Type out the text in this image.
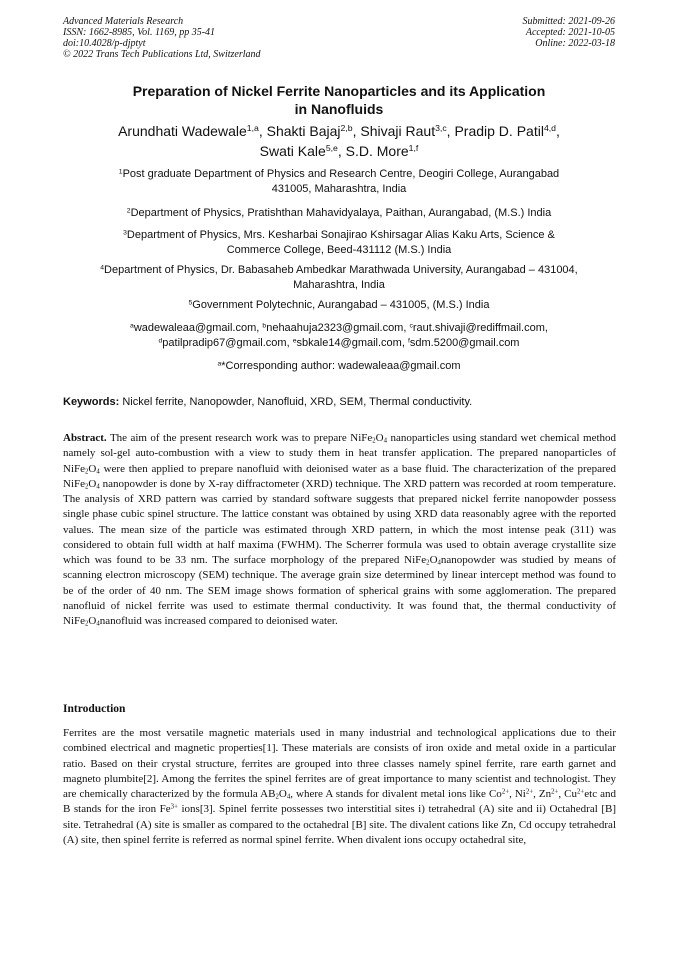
Advanced Materials Research
ISSN: 1662-8985, Vol. 1169, pp 35-41
doi:10.4028/p-djptyt
© 2022 Trans Tech Publications Ltd, Switzerland
Submitted: 2021-09-26
Accepted: 2021-10-05
Online: 2022-03-18
Preparation of Nickel Ferrite Nanoparticles and its Application
in Nanofluids
Arundhati Wadewale$^{1,a}$, Shakti Bajaj$^{2,b}$, Shivaji Raut$^{3,c}$, Pradip D. Patil$^{4,d}$,
Swati Kale$^{5,e}$, S.D. More$^{1,f}$
$^1$Post graduate Department of Physics and Research Centre, Deogiri College, Aurangabad
431005, Maharashtra, India
$^2$Department of Physics, Pratishthan Mahavidyalaya, Paithan, Aurangabad, (M.S.) India
$^3$Department of Physics, Mrs. Kesharbai Sonajirao Kshirsagar Alias Kaku Arts, Science &
Commerce College, Beed-431112 (M.S.) India
$^4$Department of Physics, Dr. Babasaheb Ambedkar Marathwada University, Aurangabad – 431004,
Maharashtra, India
$^5$Government Polytechnic, Aurangabad – 431005, (M.S.) India
$^a$wadewaleaa@gmail.com, $^b$nehaahuja2323@gmail.com, $^c$raut.shivaji@rediffmail.com,
$^d$patilpradip67@gmail.com, $^e$sbkale14@gmail.com, $^f$sdm.5200@gmail.com
$^a$*Corresponding author: wadewaleaa@gmail.com
Keywords: Nickel ferrite, Nanopowder, Nanofluid, XRD, SEM, Thermal conductivity.
Abstract. The aim of the present research work was to prepare $NiFe_2O_4$ nanoparticles using standard wet chemical method namely sol-gel auto-combustion with a view to study them in heat transfer application. The prepared nanoparticles of $NiFe_2O_4$ were then applied to prepare nanofluid with deionised water as a base fluid. The characterization of the prepared $NiFe_2O_4$ nanopowder is done by X-ray diffractometer (XRD) technique. The XRD pattern was recorded at room temperature. The analysis of XRD pattern was carried by standard software suggests that prepared nickel ferrite nanopowder possess single phase cubic spinel structure. The lattice constant was obtained by using XRD data reasonably agree with the reported values. The mean size of the particle was estimated through XRD pattern, in which the most intense peak (311) was considered to obtain full width at half maxima (FWHM). The Scherrer formula was used to obtain average crystallite size which was found to be 33 nm. The surface morphology of the prepared $NiFe_2O_4nanopowder$ was studied by means of scanning electron microscopy (SEM) technique. The average grain size determined by linear intercept method was found to be of the order of 40 nm. The SEM image shows formation of spherical grains with some agglomeration. The prepared nanofluid of nickel ferrite was used to estimate thermal conductivity. It was found that, the thermal conductivity of $NiFe_2O_4nanofluid$ was increased compared to deionised water.
Introduction
Ferrites are the most versatile magnetic materials used in many industrial and technological applications due to their combined electrical and magnetic properties[1]. These materials are consists of iron oxide and metal oxide in a particular ratio. Based on their crystal structure, ferrites are grouped into three classes namely spinel ferrite, rare earth garnet and magneto plumbite[2]. Among the ferrites the spinel ferrites are of great importance to many scientist and technologist. They are chemically characterized by the formula $AB_2O_4$, where A stands for divalent metal ions like $Co^{2+}$, $Ni^{2+}$, $Zn^{2+}$, $Cu^{2+}etc$ and B stands for the iron $Fe^{3+}$ ions[3]. Spinel ferrite possesses two interstitial sites i) tetrahedral (A) site and ii) Octahedral [B] site. Tetrahedral (A) site is smaller as compared to the octahedral [B] site. The divalent cations like Zn, Cd occupy tetrahedral (A) site, then spinel ferrite is referred as normal spinel ferrite. When divalent ions occupy octahedral site,
